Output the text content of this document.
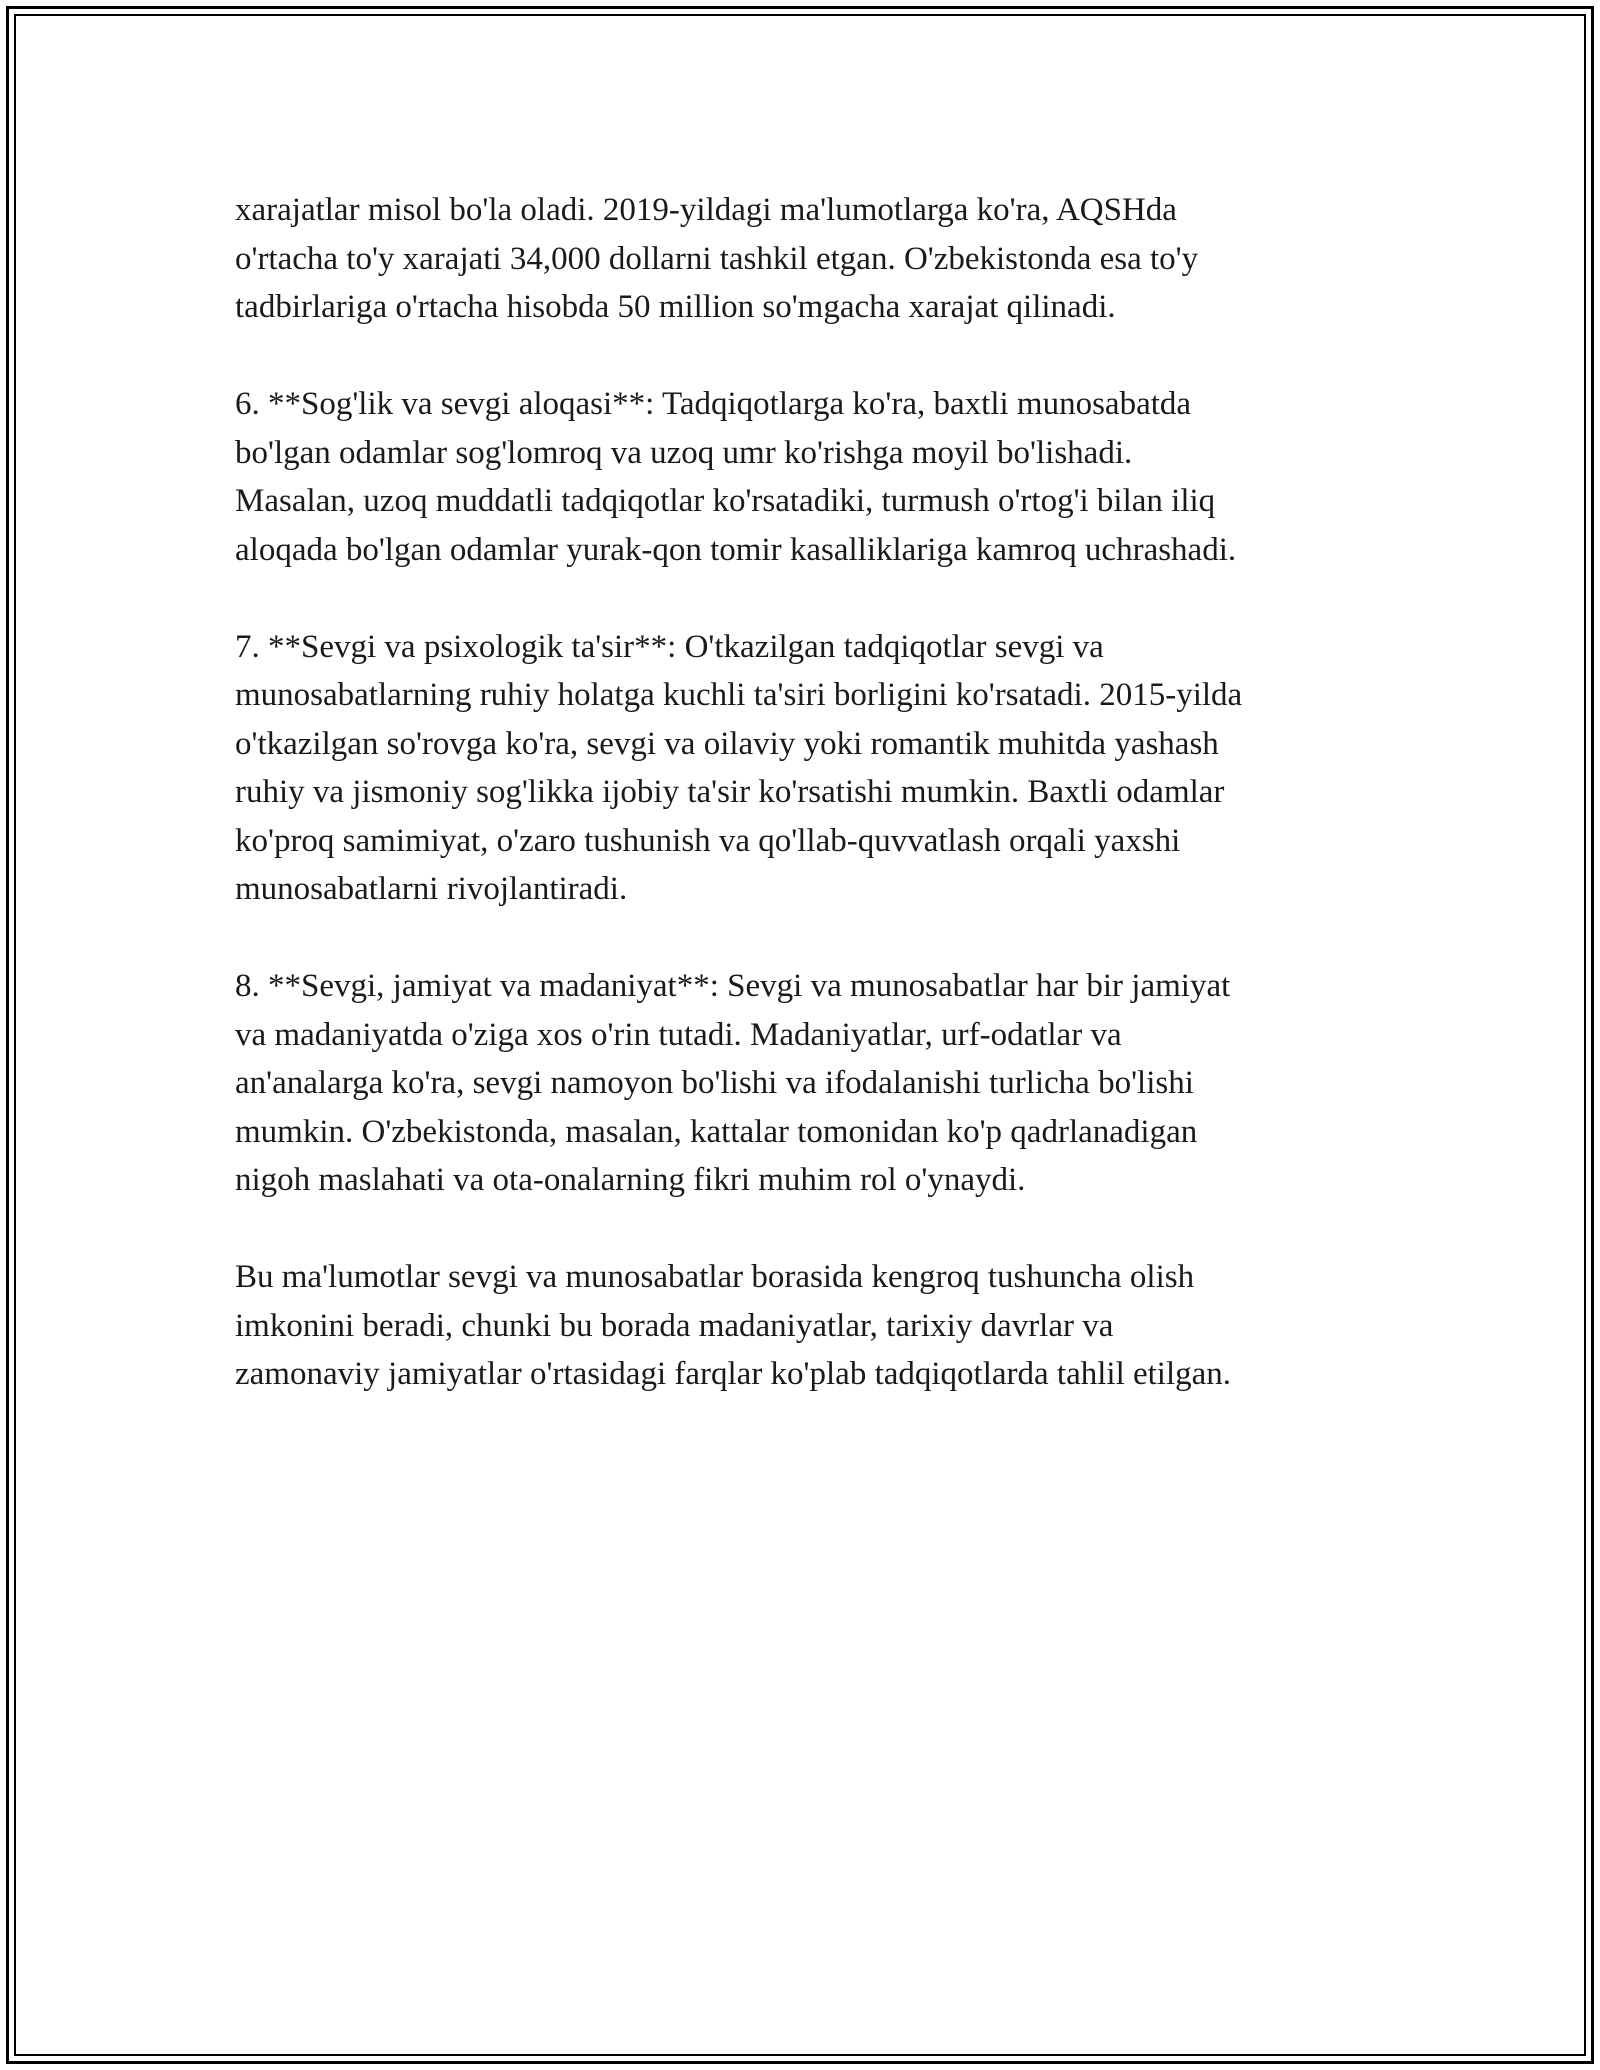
xarajatlar misol bo'la oladi. 2019-yildagi ma'lumotlarga ko'ra, AQSHda
o'rtacha to'y xarajati 34,000 dollarni tashkil etgan. O'zbekistonda esa to'y
tadbirlariga o'rtacha hisobda 50 million so'mgacha xarajat qilinadi.

6. **Sog'lik va sevgi aloqasi**: Tadqiqotlarga ko'ra, baxtli munosabatda
bo'lgan odamlar sog'lomroq va uzoq umr ko'rishga moyil bo'lishadi.
Masalan, uzoq muddatli tadqiqotlar ko'rsatadiki, turmush o'rtog'i bilan iliq
aloqada bo'lgan odamlar yurak-qon tomir kasalliklariga kamroq uchrashadi.

7. **Sevgi va psixologik ta'sir**: O'tkazilgan tadqiqotlar sevgi va
munosabatlarning ruhiy holatga kuchli ta'siri borligini ko'rsatadi. 2015-yilda
o'tkazilgan so'rovga ko'ra, sevgi va oilaviy yoki romantik muhitda yashash
ruhiy va jismoniy sog'likka ijobiy ta'sir ko'rsatishi mumkin. Baxtli odamlar
ko'proq samimiyat, o'zaro tushunish va qo'llab-quvvatlash orqali yaxshi
munosabatlarni rivojlantiradi.

8. **Sevgi, jamiyat va madaniyat**: Sevgi va munosabatlar har bir jamiyat
va madaniyatda o'ziga xos o'rin tutadi. Madaniyatlar, urf-odatlar va
an'analarga ko'ra, sevgi namoyon bo'lishi va ifodalanishi turlicha bo'lishi
mumkin. O'zbekistonda, masalan, kattalar tomonidan ko'p qadrlanadigan
nigoh maslahati va ota-onalarning fikri muhim rol o'ynaydi.

Bu ma'lumotlar sevgi va munosabatlar borasida kengroq tushuncha olish
imkonini beradi, chunki bu borada madaniyatlar, tarixiy davrlar va
zamonaviy jamiyatlar o'rtasidagi farqlar ko'plab tadqiqotlarda tahlil etilgan.
